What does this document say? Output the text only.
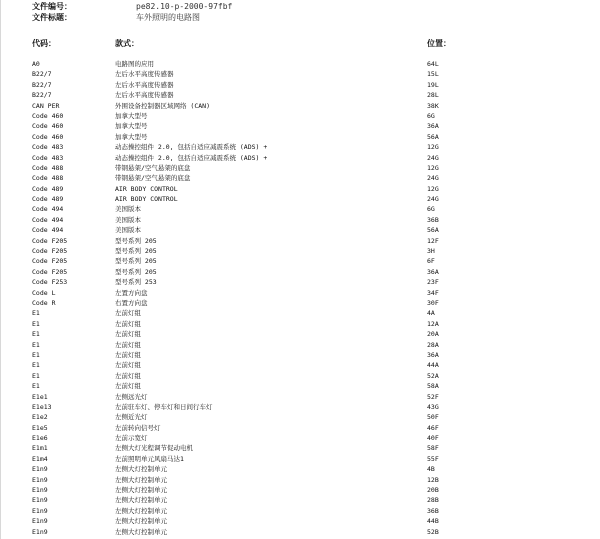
文件编号：	pe82.10-p-2000-97fbf
文件标题：	车外照明的电路图
代码：	款式：	位置：
A0	电路图的应用	64L
B22/7	左后水平高度传感器	15L
B22/7	左后水平高度传感器	19L
B22/7	左后水平高度传感器	28L
CAN PER	外围设备控制器区域网络 (CAN)	38K
Code 460	加拿大型号	6G
Code 460	加拿大型号	36A
Code 460	加拿大型号	56A
Code 483	动态操控组件 2.0, 包括自适应减震系统 (ADS) +	12G
Code 483	动态操控组件 2.0, 包括自适应减震系统 (ADS) +	24G
Code 488	带钢悬架/空气悬架的底盘	12G
Code 488	带钢悬架/空气悬架的底盘	24G
Code 489	AIR BODY CONTROL	12G
Code 489	AIR BODY CONTROL	24G
Code 494	美国版本	6G
Code 494	美国版本	36B
Code 494	美国版本	56A
Code F205	型号系列 205	12F
Code F205	型号系列 205	3H
Code F205	型号系列 205	6F
Code F205	型号系列 205	36A
Code F253	型号系列 253	23F
Code L	左置方向盘	34F
Code R	右置方向盘	30F
E1	左前灯组	4A
E1	左前灯组	12A
E1	左前灯组	20A
E1	左前灯组	28A
E1	左前灯组	36A
E1	左前灯组	44A
E1	左前灯组	52A
E1	左前灯组	58A
E1e1	左侧远光灯	52F
E1e13	左前驻车灯、停车灯和日间行车灯	43G
E1e2	左侧近光灯	50F
E1e5	左前转向信号灯	46F
E1e6	左前示宽灯	40F
E1m1	左侧大灯光程调节促动电机	58F
E1m4	左前照明单元风扇马达1	55F
E1n9	左侧大灯控制单元	4B
E1n9	左侧大灯控制单元	12B
E1n9	左侧大灯控制单元	20B
E1n9	左侧大灯控制单元	28B
E1n9	左侧大灯控制单元	36B
E1n9	左侧大灯控制单元	44B
E1n9	左侧大灯控制单元	52B
